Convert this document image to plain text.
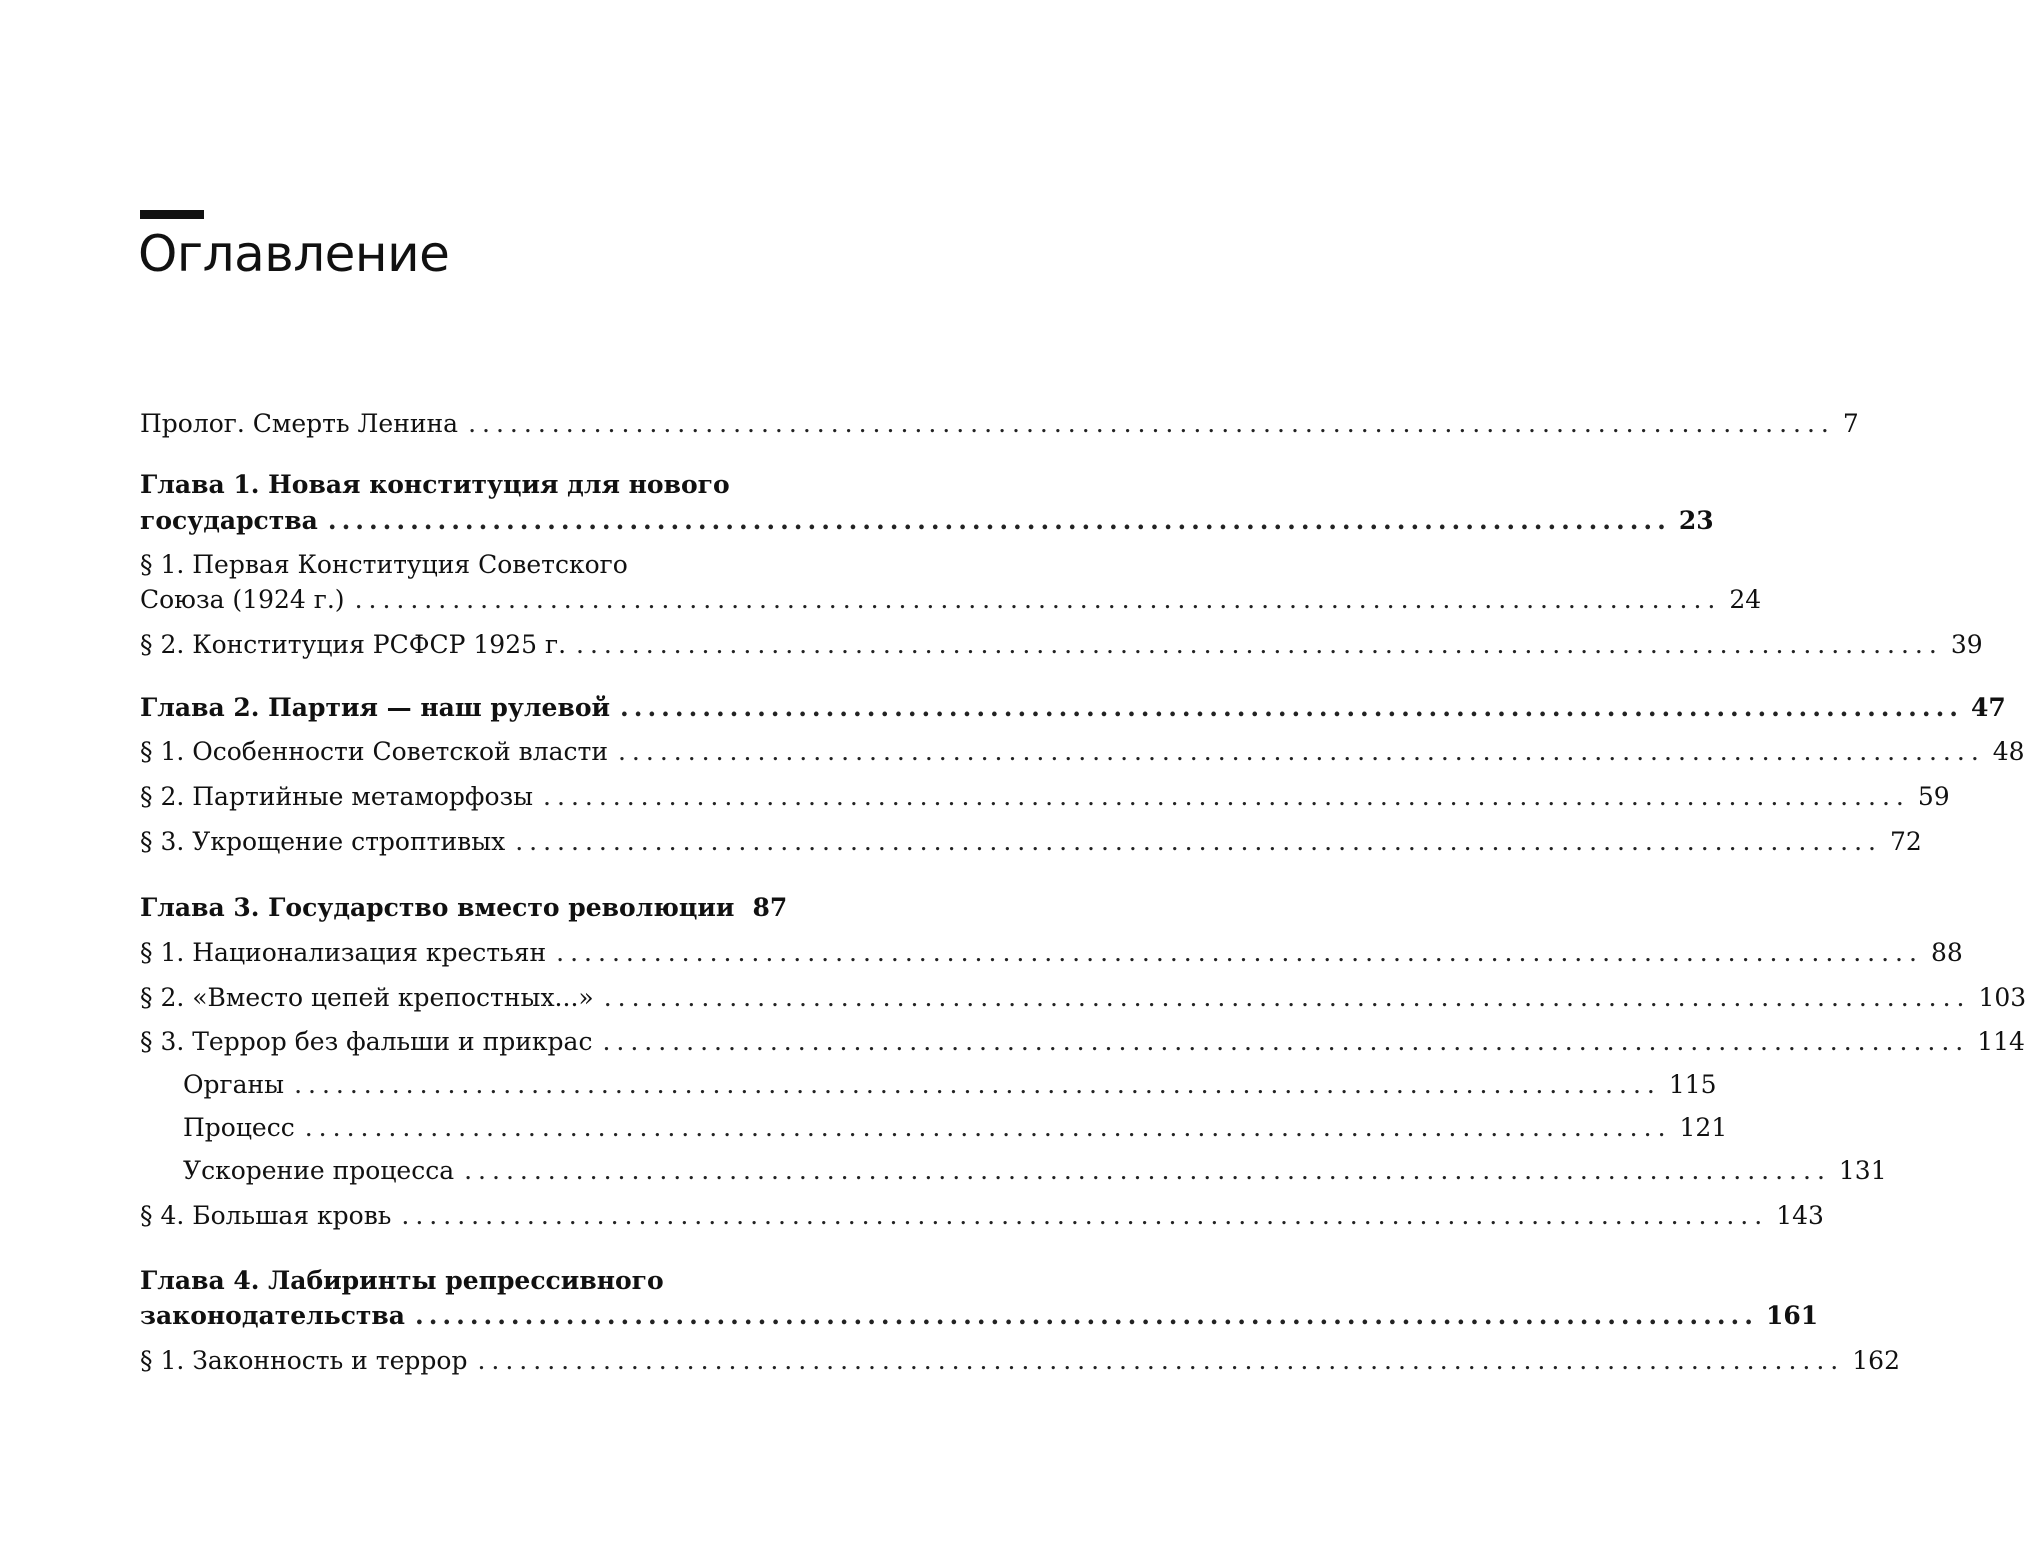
Оглавление
Пролог. Смерть Ленина .................................................................................................. 7
Глава 1. Новая конституция для нового
государства .................................................................................................. 23
§ 1. Первая Конституция Советского
Союза (1924 г.) .................................................................................................. 24
§ 2. Конституция РСФСР 1925 г. .................................................................................................. 39
Глава 2. Партия — наш рулевой .................................................................................................. 47
§ 1. Особенности Советской власти .................................................................................................. 48
§ 2. Партийные метаморфозы .................................................................................................. 59
§ 3. Укрощение строптивых .................................................................................................. 72
Глава 3. Государство вместо революции 87
§ 1. Национализация крестьян .................................................................................................. 88
§ 2. «Вместо цепей крепостных...» .................................................................................................. 103
§ 3. Террор без фальши и прикрас .................................................................................................. 114
Органы .................................................................................................. 115
Процесс .................................................................................................. 121
Ускорение процесса .................................................................................................. 131
§ 4. Большая кровь .................................................................................................. 143
Глава 4. Лабиринты репрессивного
законодательства .................................................................................................. 161
§ 1. Законность и террор .................................................................................................. 162
